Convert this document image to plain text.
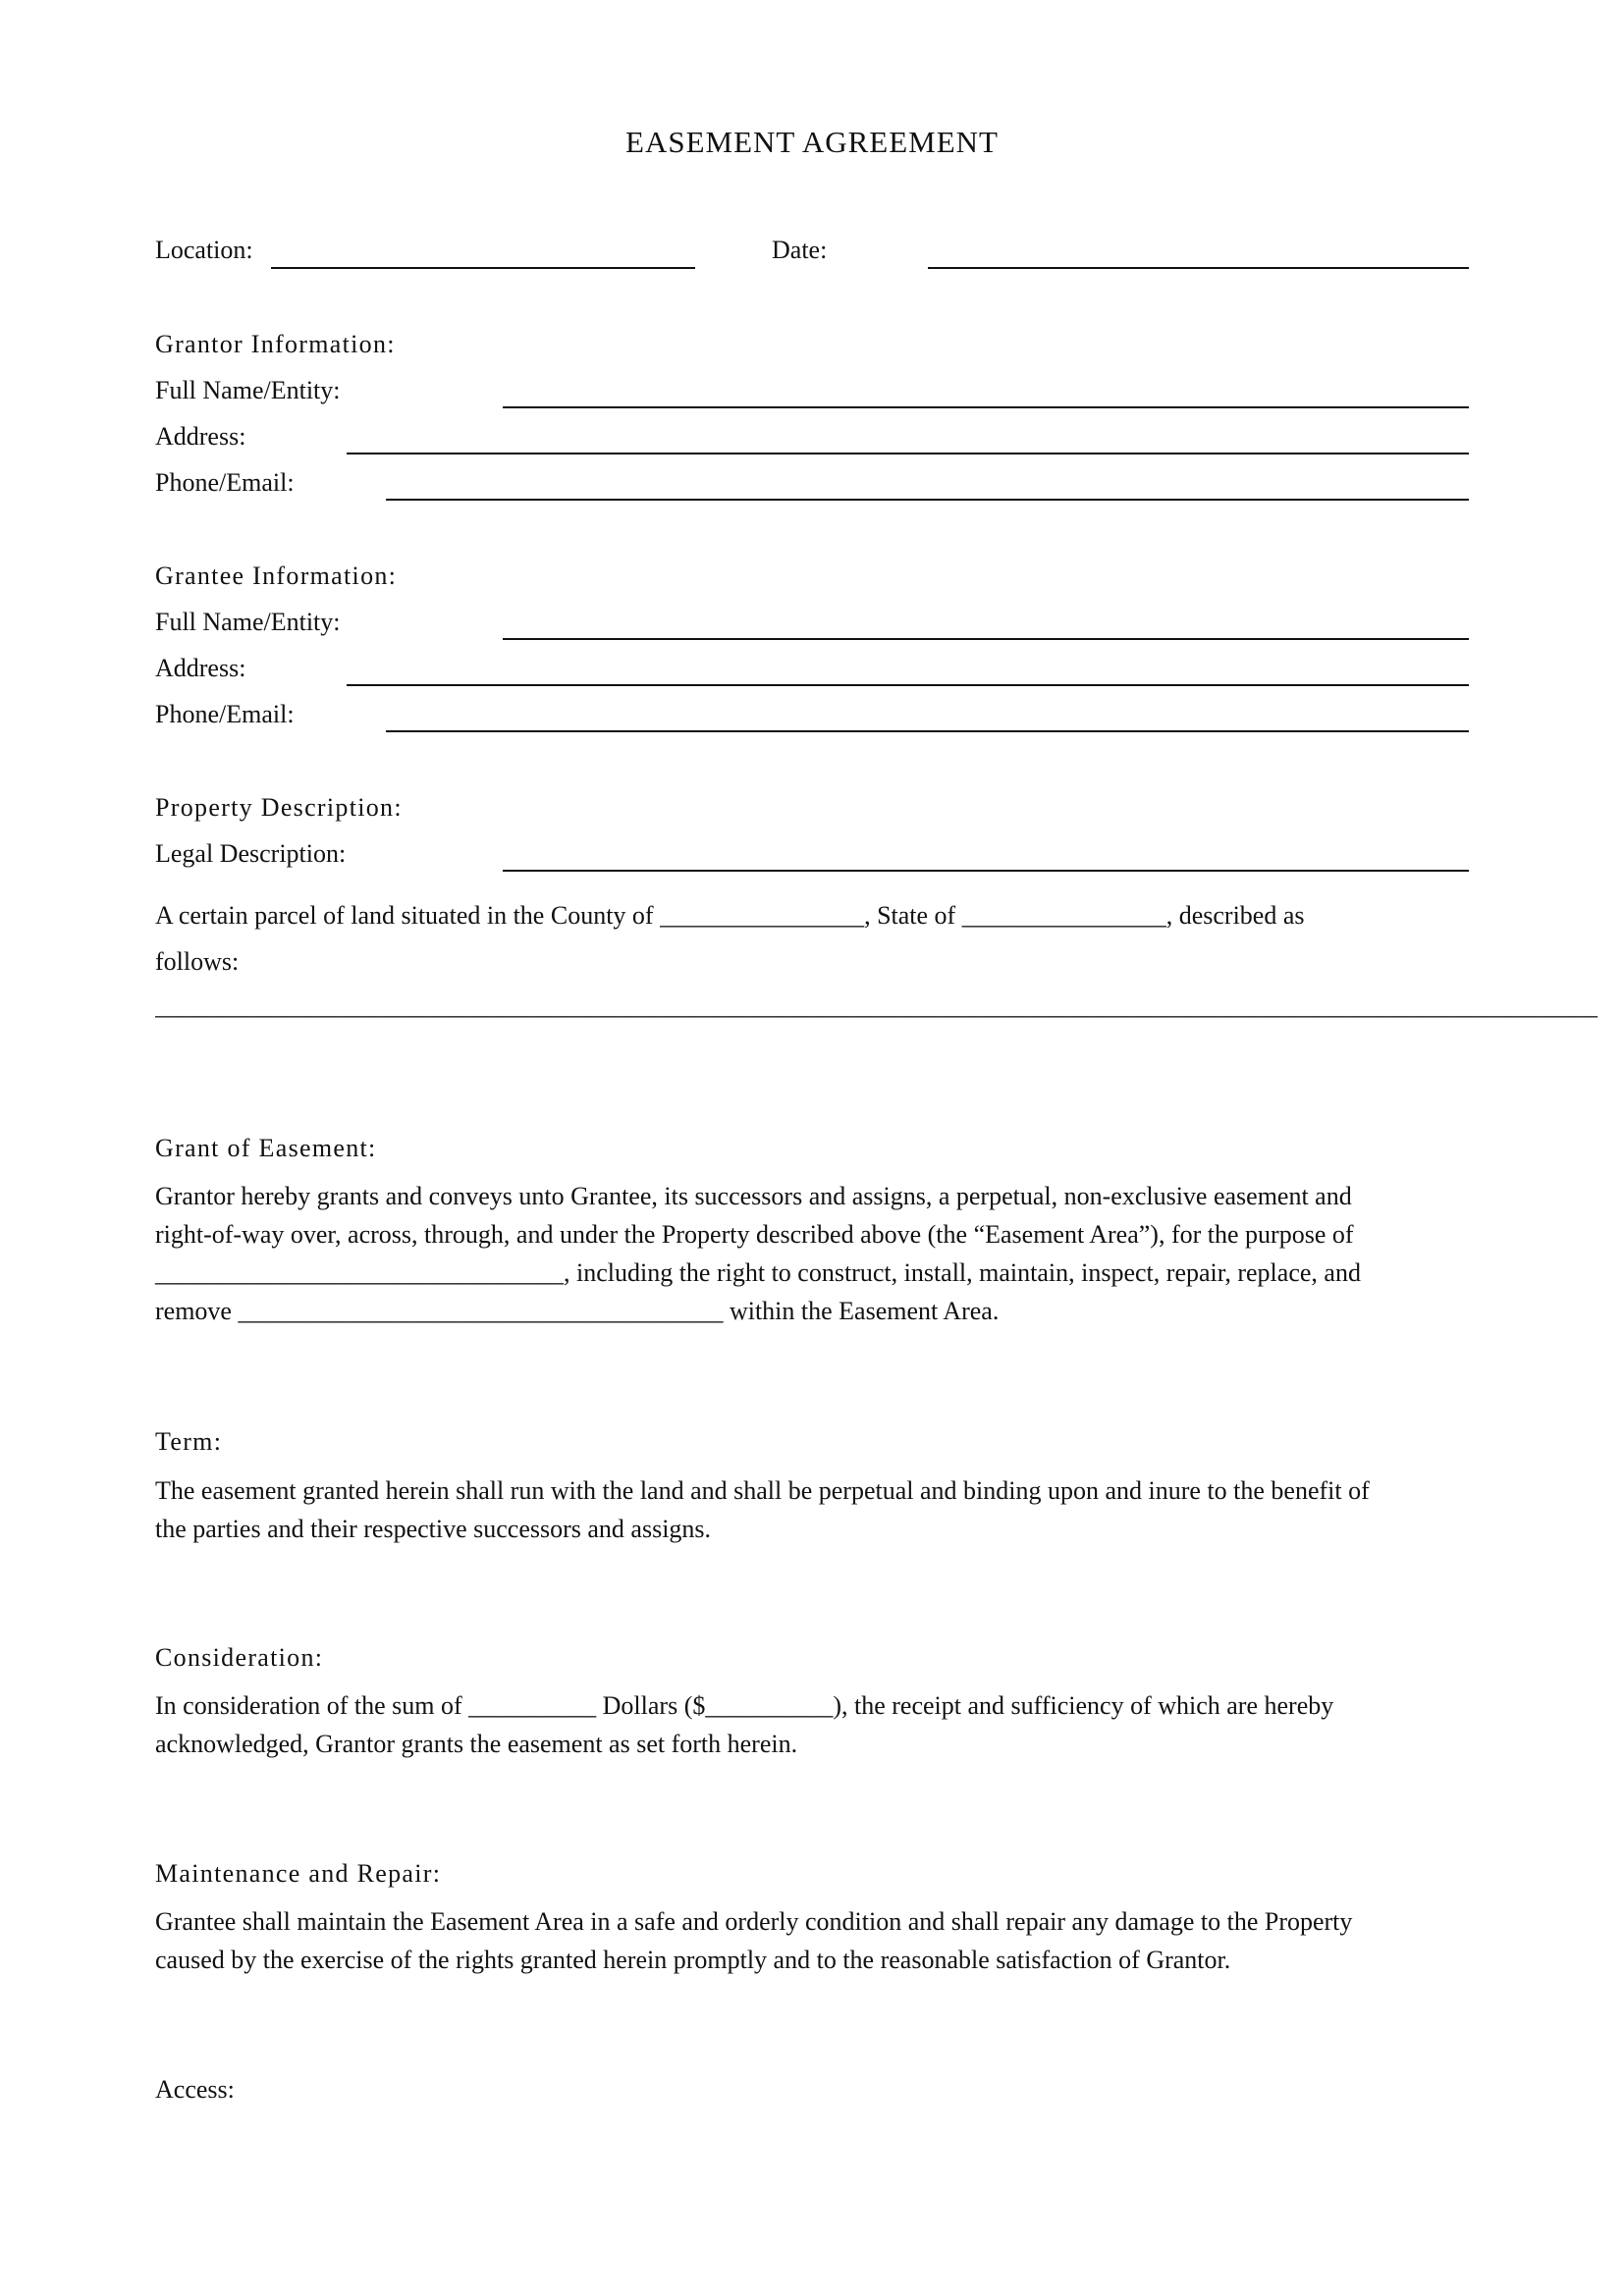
EASEMENT AGREEMENT
Location:	Date:
Grantor Information:
Full Name/Entity:
Address:
Phone/Email:
Grantee Information:
Full Name/Entity:
Address:
Phone/Email:
Property Description:
Legal Description:
A certain parcel of land situated in the County of ________________, State of ________________, described as
follows:
_________________________________________________________________________________________________________________
Grant of Easement:

Grantor hereby grants and conveys unto Grantee, its successors and assigns, a perpetual, non-exclusive easement and

right-of-way over, across, through, and under the Property described above (the “Easement Area”), for the purpose of

________________________________, including the right to construct, install, maintain, inspect, repair, replace, and

remove ______________________________________ within the Easement Area.

Term:

The easement granted herein shall run with the land and shall be perpetual and binding upon and inure to the benefit of

the parties and their respective successors and assigns.

Consideration:

In consideration of the sum of __________ Dollars ($__________), the receipt and sufficiency of which are hereby

acknowledged, Grantor grants the easement as set forth herein.

Maintenance and Repair:

Grantee shall maintain the Easement Area in a safe and orderly condition and shall repair any damage to the Property

caused by the exercise of the rights granted herein promptly and to the reasonable satisfaction of Grantor.

Access:
